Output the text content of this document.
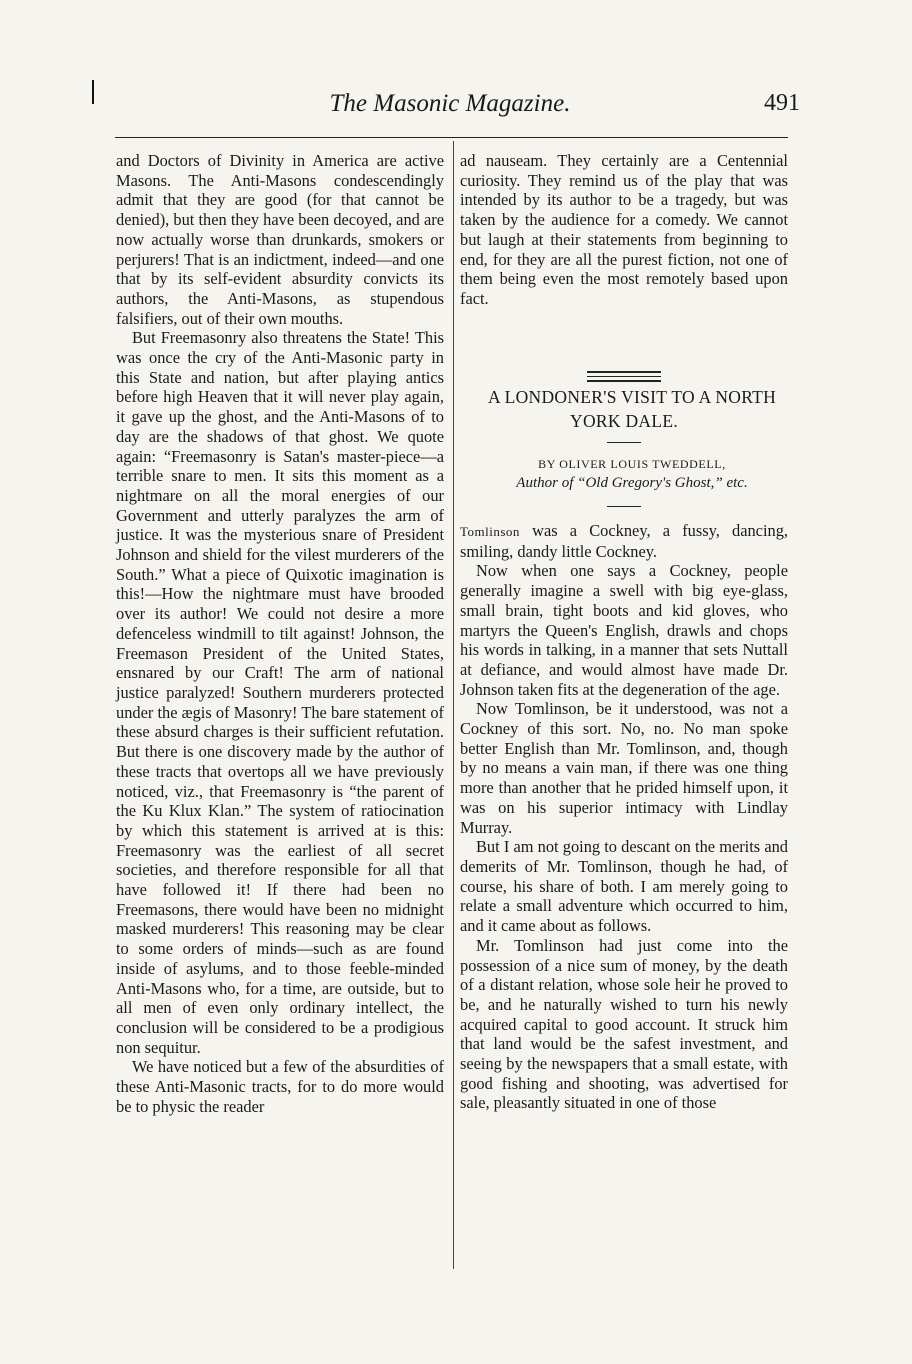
The Masonic Magazine.	491

and Doctors of Divinity in America are active Masons. The Anti-Masons condescendingly admit that they are good (for that cannot be denied), but then they have been decoyed, and are now actually worse than drunkards, smokers or perjurers! That is an indictment, indeed—and one that by its self-evident absurdity convicts its authors, the Anti-Masons, as stupendous falsifiers, out of their own mouths.

But Freemasonry also threatens the State! This was once the cry of the Anti-Masonic party in this State and nation, but after playing antics before high Heaven that it will never play again, it gave up the ghost, and the Anti-Masons of to day are the shadows of that ghost. We quote again: “Freemasonry is Satan's master-piece—a terrible snare to men. It sits this moment as a nightmare on all the moral energies of our Government and utterly paralyzes the arm of justice. It was the mysterious snare of President Johnson and shield for the vilest murderers of the South.” What a piece of Quixotic imagination is this!—How the nightmare must have brooded over its author! We could not desire a more defenceless windmill to tilt against! Johnson, the Freemason President of the United States, ensnared by our Craft! The arm of national justice paralyzed! Southern murderers protected under the ægis of Masonry! The bare statement of these absurd charges is their sufficient refutation. But there is one discovery made by the author of these tracts that overtops all we have previously noticed, viz., that Freemasonry is “the parent of the Ku Klux Klan.” The system of ratiocination by which this statement is arrived at is this: Freemasonry was the earliest of all secret societies, and therefore responsible for all that have followed it! If there had been no Freemasons, there would have been no midnight masked murderers! This reasoning may be clear to some orders of minds—such as are found inside of asylums, and to those feeble-minded Anti-Masons who, for a time, are outside, but to all men of even only ordinary intellect, the conclusion will be considered to be a prodigious non sequitur.

We have noticed but a few of the absurdities of these Anti-Masonic tracts, for to do more would be to physic the reader

ad nauseam. They certainly are a Centennial curiosity. They remind us of the play that was intended by its author to be a tragedy, but was taken by the audience for a comedy. We cannot but laugh at their statements from beginning to end, for they are all the purest fiction, not one of them being even the most remotely based upon fact.

A LONDONER'S VISIT TO A NORTH YORK DALE.

BY OLIVER LOUIS TWEDDELL,

Author of “Old Gregory's Ghost,” etc.

Tomlinson was a Cockney, a fussy, dancing, smiling, dandy little Cockney.

Now when one says a Cockney, people generally imagine a swell with big eye-glass, small brain, tight boots and kid gloves, who martyrs the Queen's English, drawls and chops his words in talking, in a manner that sets Nuttall at defiance, and would almost have made Dr. Johnson taken fits at the degeneration of the age.

Now Tomlinson, be it understood, was not a Cockney of this sort. No, no. No man spoke better English than Mr. Tomlinson, and, though by no means a vain man, if there was one thing more than another that he prided himself upon, it was on his superior intimacy with Lindlay Murray.

But I am not going to descant on the merits and demerits of Mr. Tomlinson, though he had, of course, his share of both. I am merely going to relate a small adventure which occurred to him, and it came about as follows.

Mr. Tomlinson had just come into the possession of a nice sum of money, by the death of a distant relation, whose sole heir he proved to be, and he naturally wished to turn his newly acquired capital to good account. It struck him that land would be the safest investment, and seeing by the newspapers that a small estate, with good fishing and shooting, was advertised for sale, pleasantly situated in one of those
